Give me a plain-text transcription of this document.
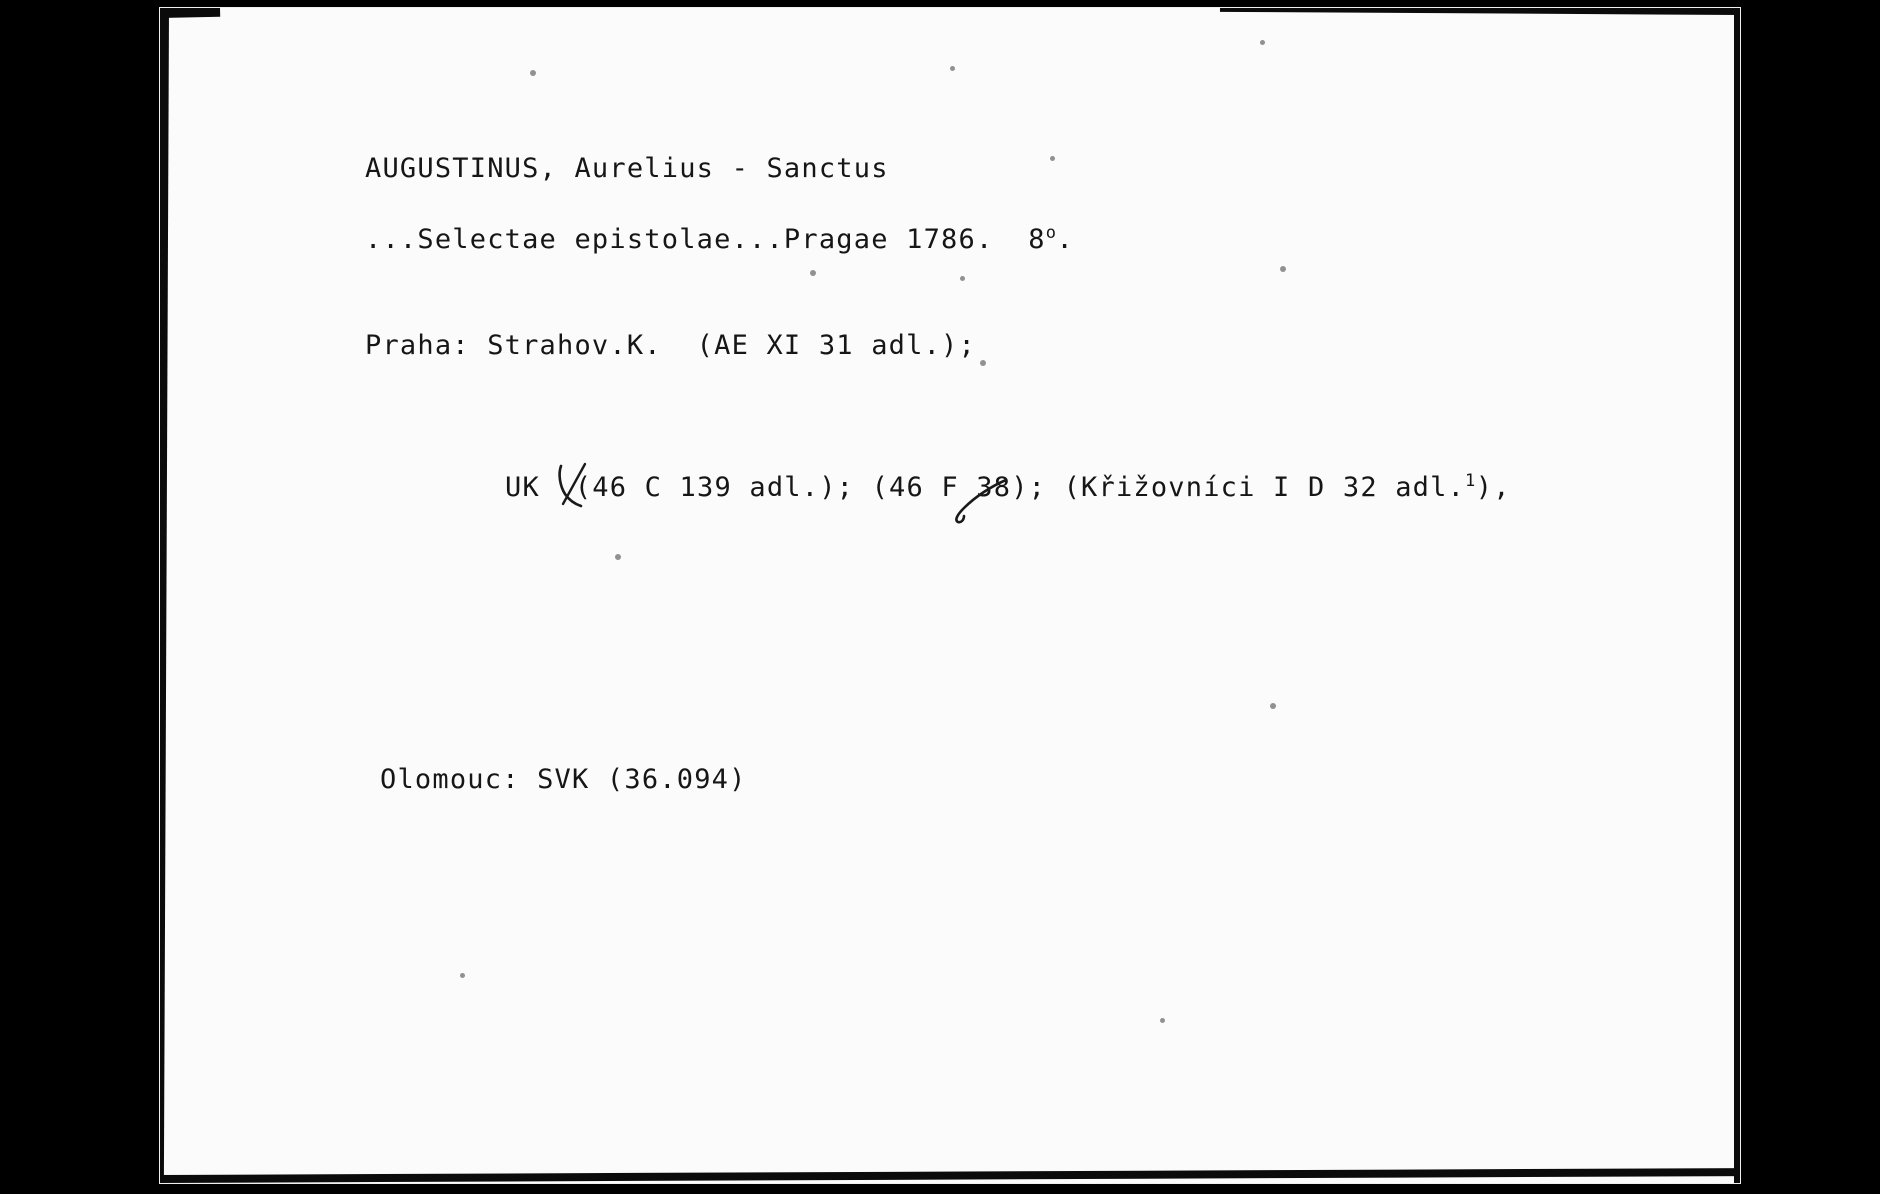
AUGUSTINUS, Aurelius - Sanctus

...Selectae epistolae...Pragae 1786.  8$^o$.

Praha: Strahov.K.  (AE XI 31 adl.);

UK  (46 C 139 adl.); (46 F 38); (Křižovníci I D 32 adl.$^1$),

Olomouc: SVK (36.094)
